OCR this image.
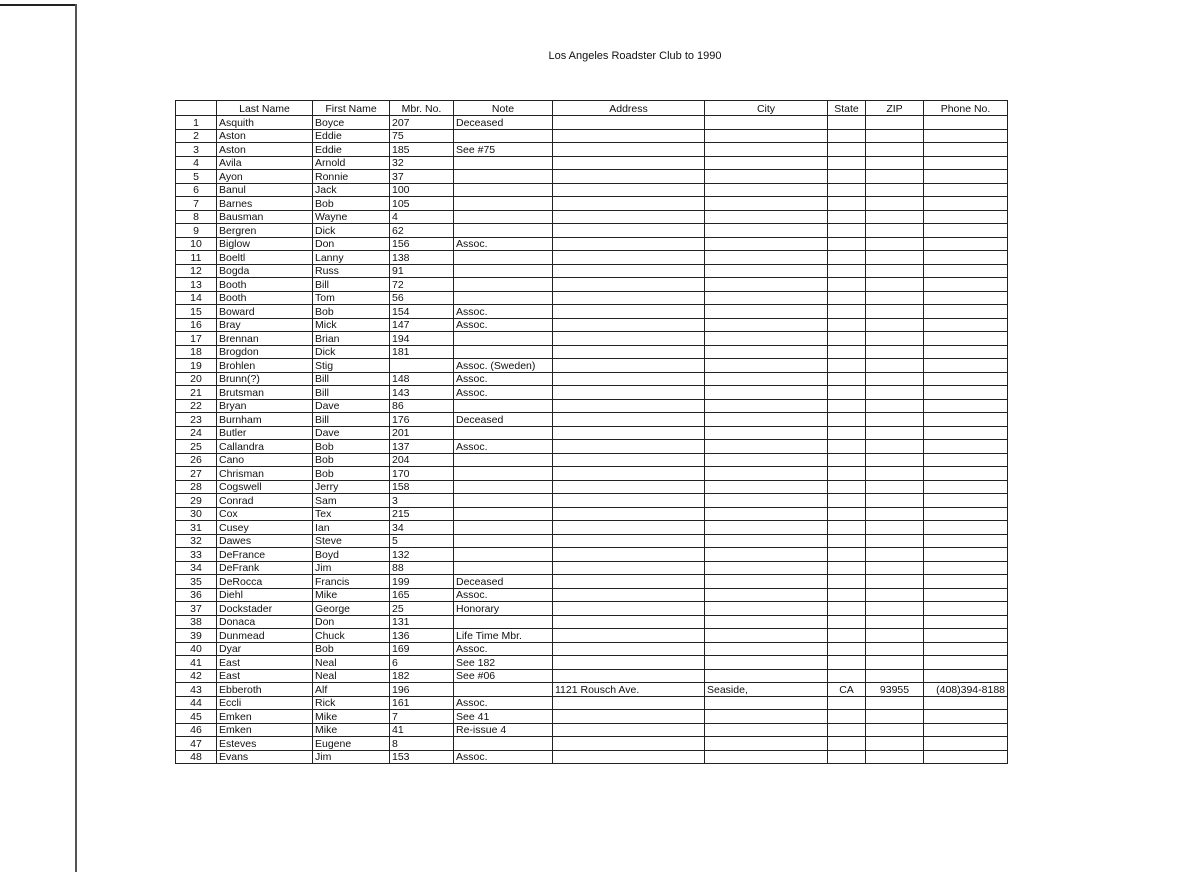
Los Angeles Roadster Club to 1990
	Last Name	First Name	Mbr. No.	Note	Address	City	State	ZIP	Phone No.
1	Asquith	Boyce	207	Deceased					
2	Aston	Eddie	75						
3	Aston	Eddie	185	See #75					
4	Avila	Arnold	32						
5	Ayon	Ronnie	37						
6	Banul	Jack	100						
7	Barnes	Bob	105						
8	Bausman	Wayne	4						
9	Bergren	Dick	62						
10	Biglow	Don	156	Assoc.					
11	Boeltl	Lanny	138						
12	Bogda	Russ	91						
13	Booth	Bill	72						
14	Booth	Tom	56						
15	Boward	Bob	154	Assoc.					
16	Bray	Mick	147	Assoc.					
17	Brennan	Brian	194						
18	Brogdon	Dick	181						
19	Brohlen	Stig		Assoc. (Sweden)					
20	Brunn(?)	Bill	148	Assoc.					
21	Brutsman	Bill	143	Assoc.					
22	Bryan	Dave	86						
23	Burnham	Bill	176	Deceased					
24	Butler	Dave	201						
25	Callandra	Bob	137	Assoc.					
26	Cano	Bob	204						
27	Chrisman	Bob	170						
28	Cogswell	Jerry	158						
29	Conrad	Sam	3						
30	Cox	Tex	215						
31	Cusey	Ian	34						
32	Dawes	Steve	5						
33	DeFrance	Boyd	132						
34	DeFrank	Jim	88						
35	DeRocca	Francis	199	Deceased					
36	Diehl	Mike	165	Assoc.					
37	Dockstader	George	25	Honorary					
38	Donaca	Don	131						
39	Dunmead	Chuck	136	Life Time Mbr.					
40	Dyar	Bob	169	Assoc.					
41	East	Neal	6	See 182					
42	East	Neal	182	See #06					
43	Ebberoth	Alf	196		1121 Rousch Ave.	Seaside,	CA	93955	(408)394-8188
44	Eccli	Rick	161	Assoc.					
45	Emken	Mike	7	See 41					
46	Emken	Mike	41	Re-issue 4					
47	Esteves	Eugene	8						
48	Evans	Jim	153	Assoc.					
